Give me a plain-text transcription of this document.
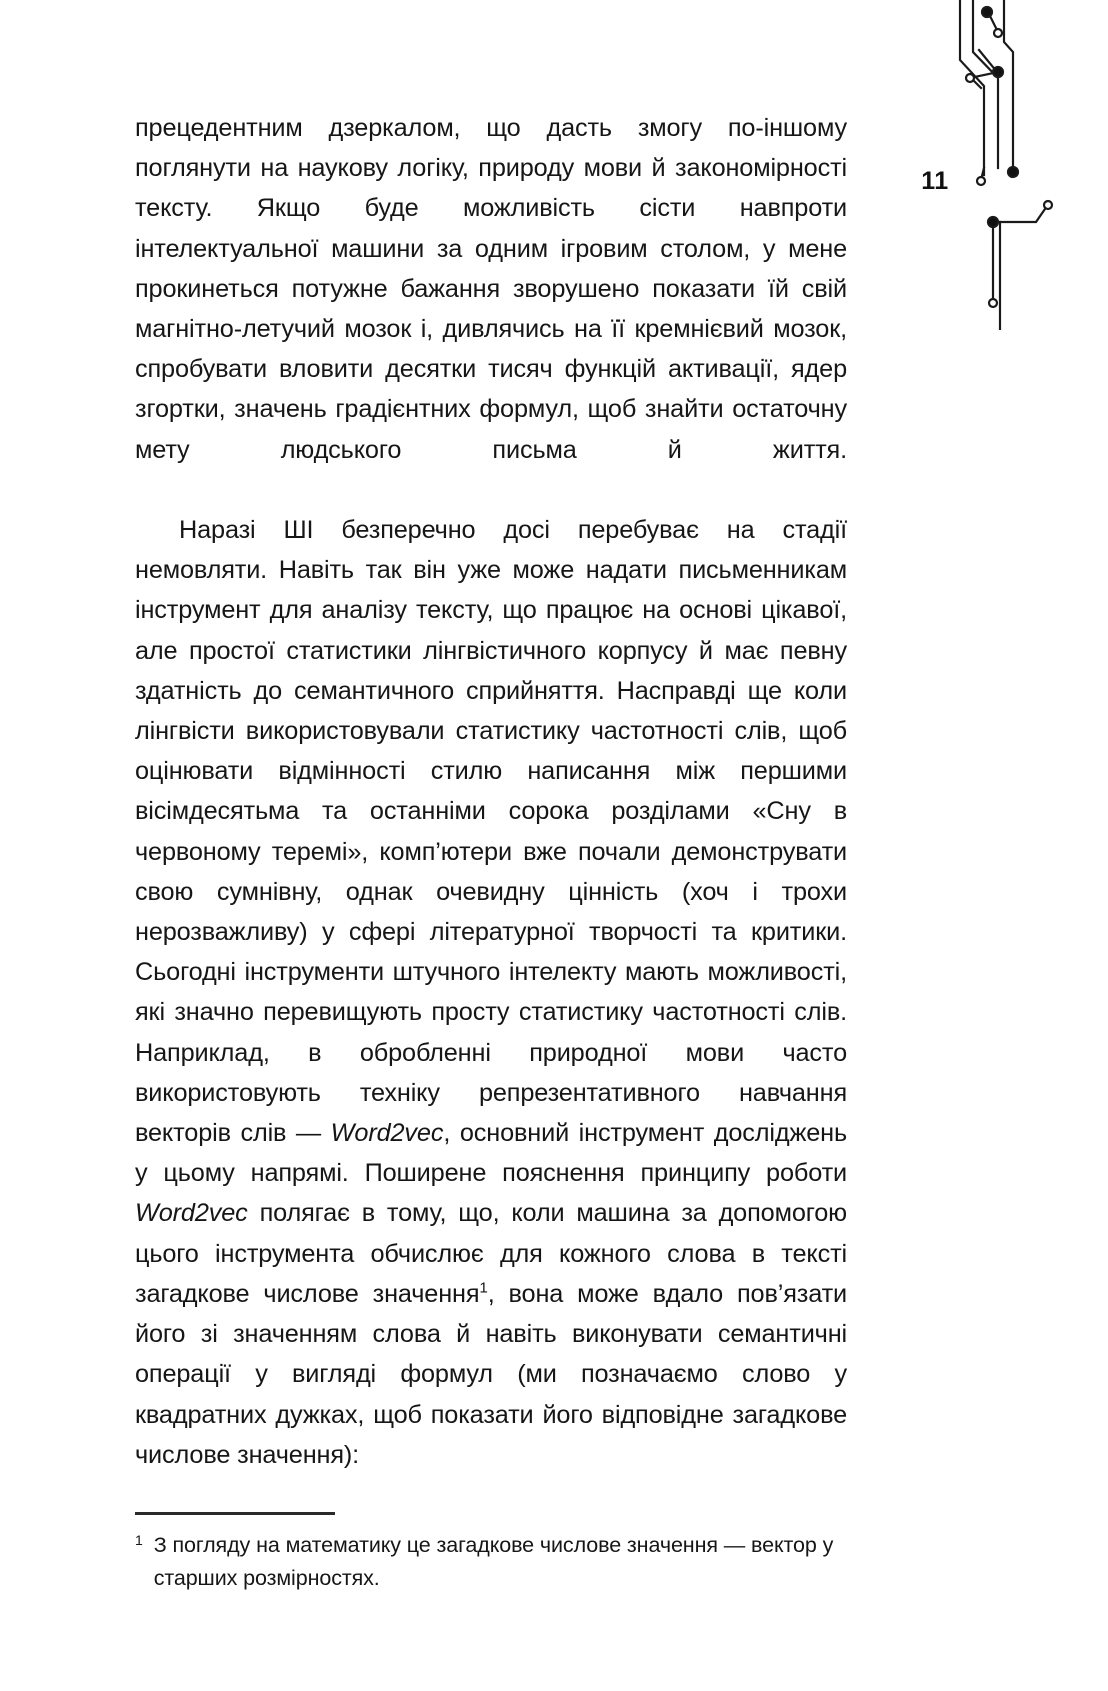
11

прецедентним дзеркалом, що дасть змогу по-іншому поглянути на наукову логіку, природу мови й закономірності тексту. Якщо буде можливість сісти навпроти інтелектуальної машини за одним ігровим столом, у мене прокинеться потужне бажання зворушено показати їй свій магнітно-летучий мозок і, дивлячись на її кремнієвий мозок, спробувати вловити десятки тисяч функцій активації, ядер згортки, значень градієнтних формул, щоб знайти остаточну мету людського письма й життя.

Наразі ШІ безперечно досі перебуває на стадії немовляти. Навіть так він уже може надати письменникам інструмент для аналізу тексту, що працює на основі цікавої, але простої статистики лінгвістичного корпусу й має певну здатність до семантичного сприйняття. Насправді ще коли лінгвісти використовували статистику частотності слів, щоб оцінювати відмінності стилю написання між першими вісімдесятьма та останніми сорока розділами «Сну в червоному теремі», комп’ютери вже почали демонструвати свою сумнівну, однак очевидну цінність (хоч і трохи нерозважливу) у сфері літературної творчості та критики. Сьогодні інструменти штучного інтелекту мають можливості, які значно перевищують просту статистику частотності слів. Наприклад, в обробленні природної мови часто використовують техніку репрезентативного навчання векторів слів — Word2vec, основний інструмент досліджень у цьому напрямі. Поширене пояснення принципу роботи Word2vec полягає в тому, що, коли машина за допомогою цього інструмента обчислює для кожного слова в тексті загадкове числове значення$^1$, вона може вдало пов’язати його зі значенням слова й навіть виконувати семантичні операції у вигляді формул (ми позначаємо слово у квадратних дужках, щоб показати його відповідне загадкове числове значення):

1 З погляду на математику це загадкове числове значення — вектор у старших розмірностях.
